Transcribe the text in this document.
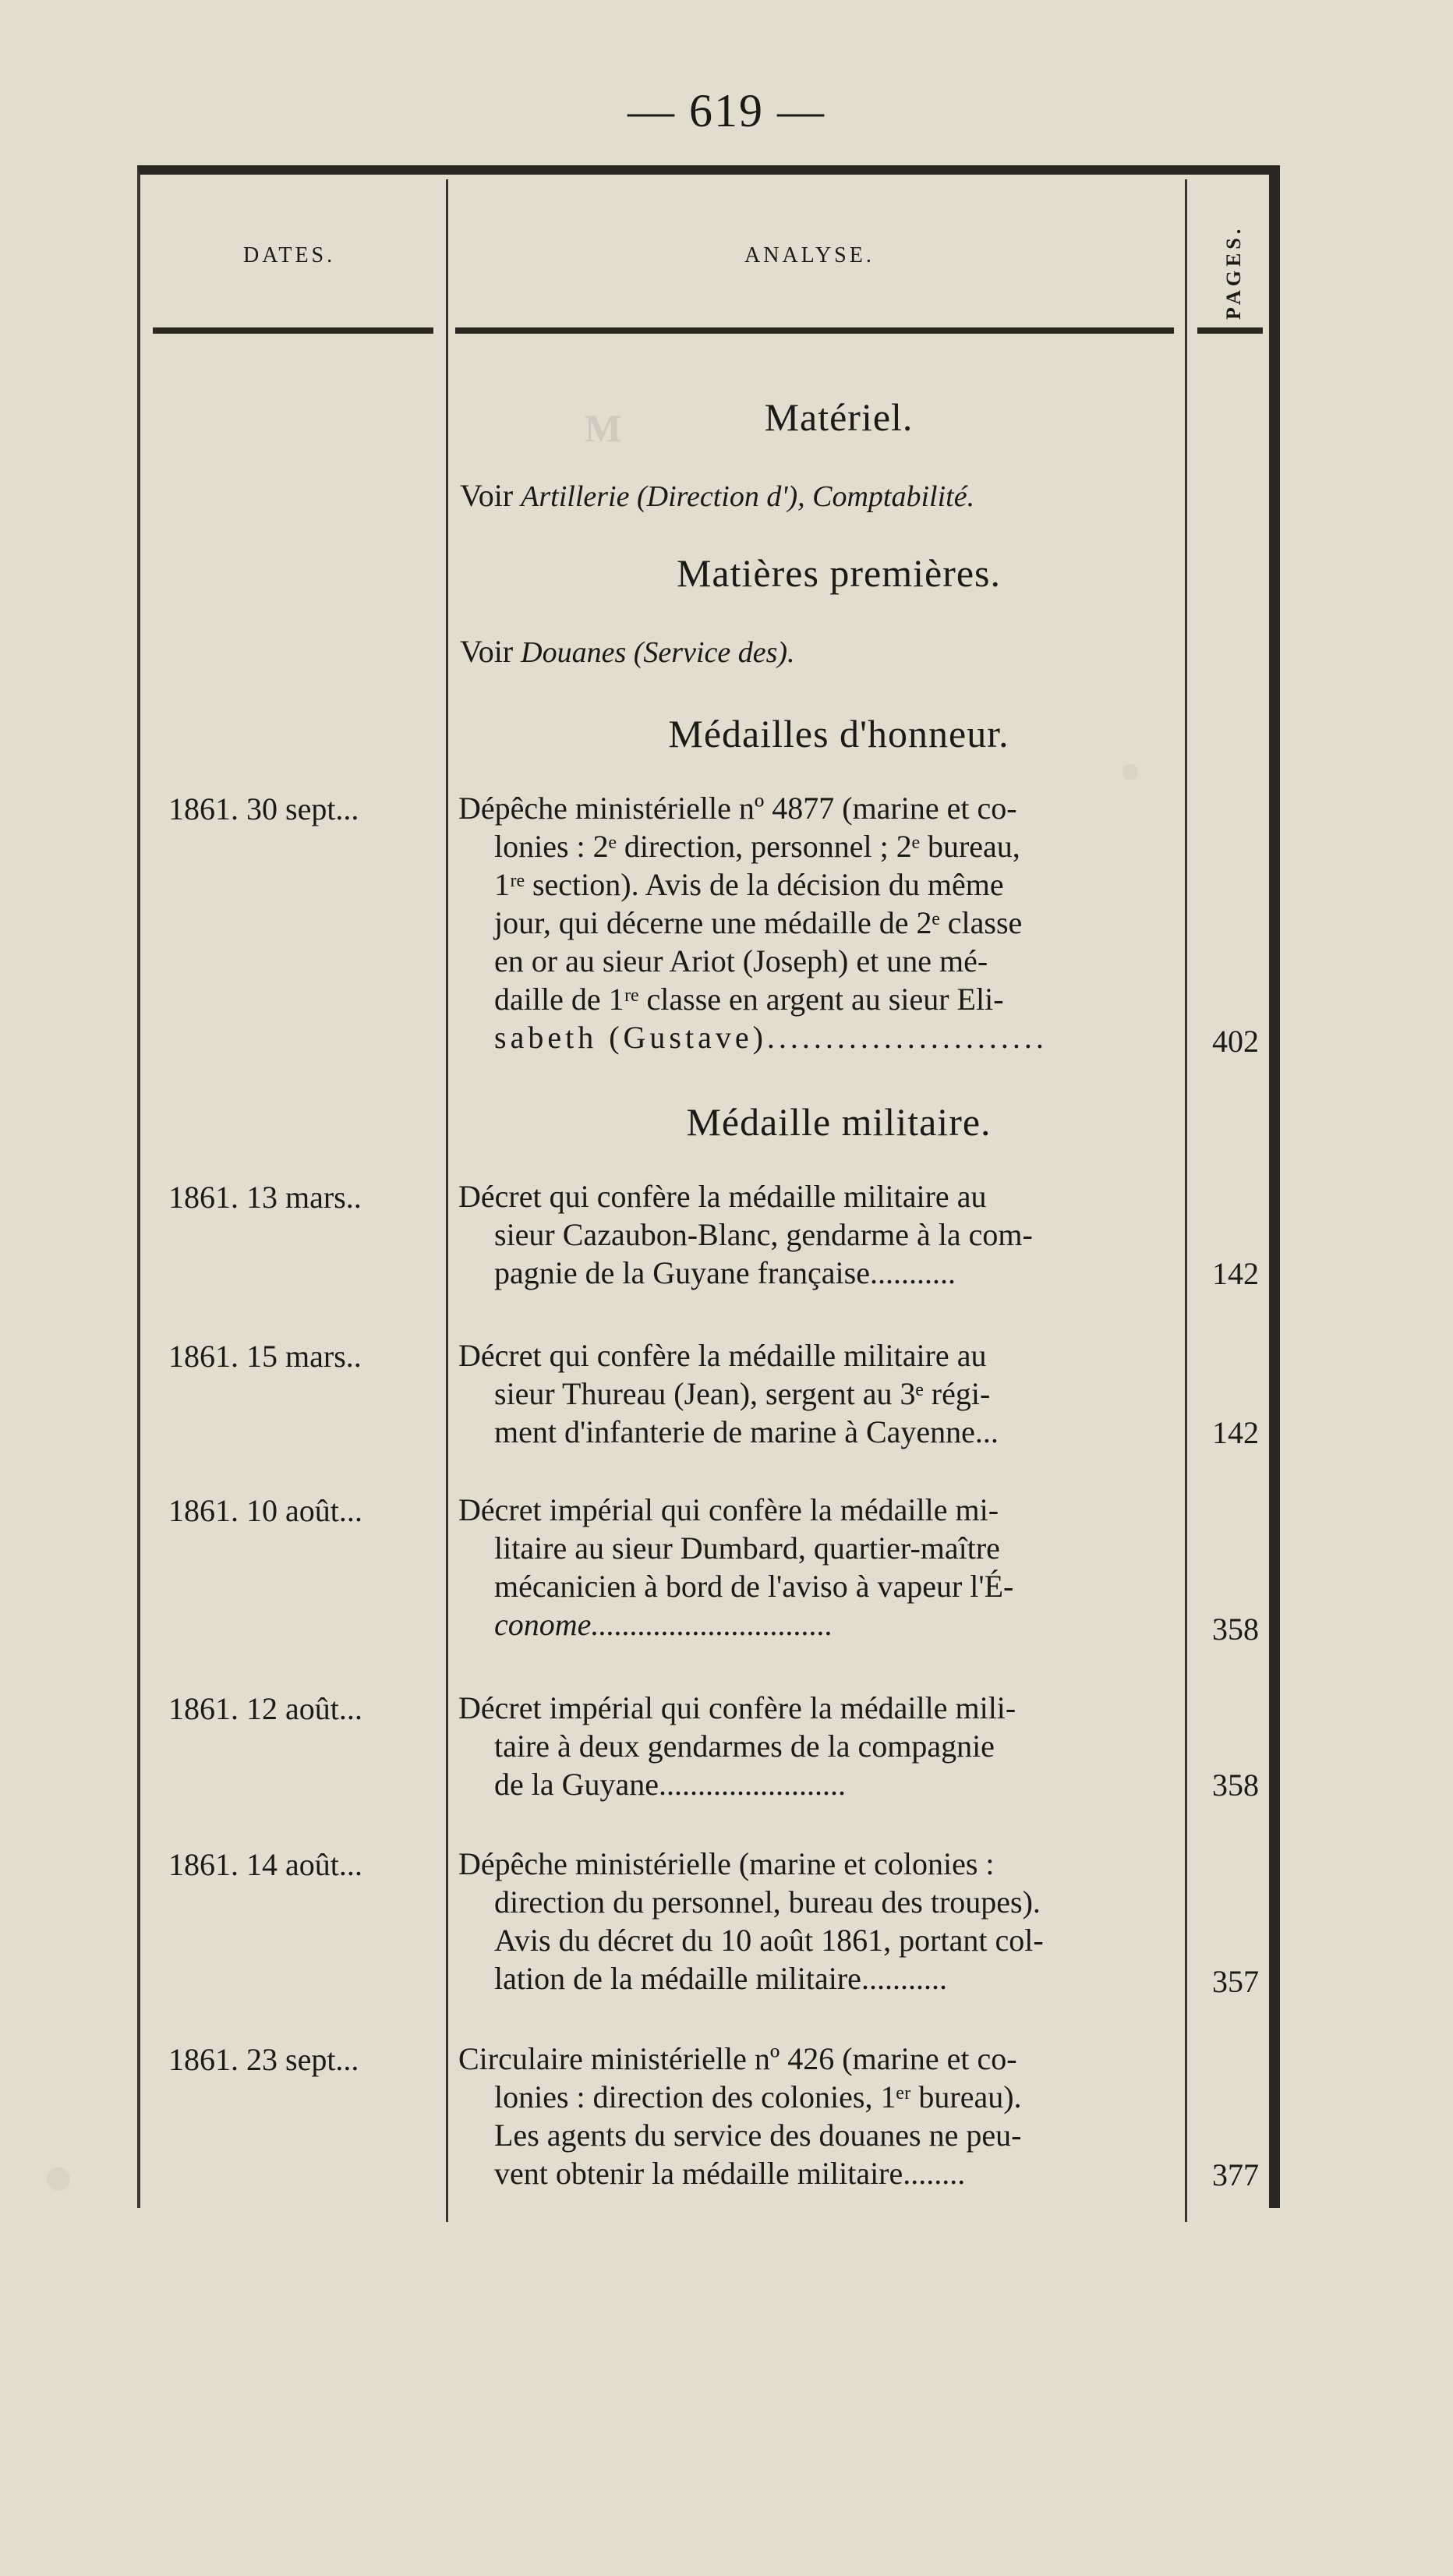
— 619 —
DATES.	ANALYSE.	PAGES.
M	Matériel.
Voir Artillerie (Direction d'), Comptabilité.
Matières premières.
Voir Douanes (Service des).
Médailles d'honneur.
1861. 30 sept...	Dépêche ministérielle nº 4877 (marine et co-
lonies : 2ᵉ direction, personnel ; 2ᵉ bureau,
1ʳᵉ section). Avis de la décision du même
jour, qui décerne une médaille de 2ᵉ classe
en or au sieur Ariot (Joseph) et une mé-
daille de 1ʳᵉ classe en argent au sieur Eli-
sabeth (Gustave)........................	402
Médaille militaire.
1861. 13 mars..	Décret qui confère la médaille militaire au
sieur Cazaubon-Blanc, gendarme à la com-
pagnie de la Guyane française...........	142
1861. 15 mars..	Décret qui confère la médaille militaire au
sieur Thureau (Jean), sergent au 3ᵉ régi-
ment d'infanterie de marine à Cayenne...	142
1861. 10 août...	Décret impérial qui confère la médaille mi-
litaire au sieur Dumbard, quartier-maître
mécanicien à bord de l'aviso à vapeur l'É-
conome...............................	358
1861. 12 août...	Décret impérial qui confère la médaille mili-
taire à deux gendarmes de la compagnie
de la Guyane........................	358
1861. 14 août...	Dépêche ministérielle (marine et colonies :
direction du personnel, bureau des troupes).
Avis du décret du 10 août 1861, portant col-
lation de la médaille militaire...........	357
1861. 23 sept...	Circulaire ministérielle nº 426 (marine et co-
lonies : direction des colonies, 1ᵉʳ bureau).
Les agents du service des douanes ne peu-
vent obtenir la médaille militaire........	377
